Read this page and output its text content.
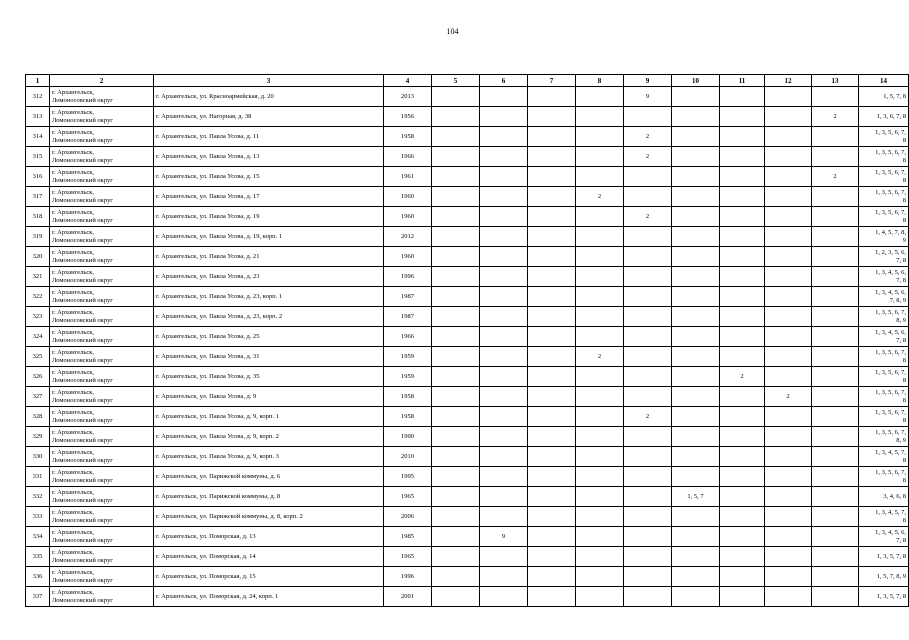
104
1	2	3	4	5	6	7	8	9	10	11	12	13	14
312	г. Архангельск,
Ломоносовский округ	г. Архангельск, ул. Красноармейская, д. 20	2013					9					1, 5, 7, 8

313	г. Архангельск,
Ломоносовский округ	г. Архангельск, ул. Нагорная, д. 38	1956									2	1, 3, 6, 7, 8

314	г. Архангельск,
Ломоносовский округ	г. Архангельск, ул. Павла Усова, д. 11	1958					2					1, 3, 5, 6, 7,
8
315	г. Архангельск,
Ломоносовский округ	г. Архангельск, ул. Павла Усова, д. 13	1966					2					1, 3, 5, 6, 7,
8
316	г. Архангельск,
Ломоносовский округ	г. Архангельск, ул. Павла Усова, д. 15	1961									2	1, 3, 5, 6, 7,
8
317	г. Архангельск,
Ломоносовский округ	г. Архангельск, ул. Павла Усова, д. 17	1960				2						1, 3, 5, 6, 7,
8
318	г. Архангельск,
Ломоносовский округ	г. Архангельск, ул. Павла Усова, д. 19	1960					2					1, 3, 5, 6, 7,
8
319	г. Архангельск,
Ломоносовский округ	г. Архангельск, ул. Павла Усова, д. 19, корп. 1	2012										1, 4, 5, 7, 8,
9
320	г. Архангельск,
Ломоносовский округ	г. Архангельск, ул. Павла Усова, д. 21	1960										1, 2, 3, 5, 6,
7, 8
321	г. Архангельск,
Ломоносовский округ	г. Архангельск, ул. Павла Усова, д. 23	1996										1, 3, 4, 5, 6,
7, 8
322	г. Архангельск,
Ломоносовский округ	г. Архангельск, ул. Павла Усова, д. 23, корп. 1	1987										1, 3, 4, 5, 6,
7, 8, 9
323	г. Архангельск,
Ломоносовский округ	г. Архангельск, ул. Павла Усова, д. 23, корп. 2	1987										1, 3, 5, 6, 7,
8, 9
324	г. Архангельск,
Ломоносовский округ	г. Архангельск, ул. Павла Усова, д. 25	1966										1, 3, 4, 5, 6,
7, 8
325	г. Архангельск,
Ломоносовский округ	г. Архангельск, ул. Павла Усова, д. 31	1959				2						1, 3, 5, 6, 7,
8
326	г. Архангельск,
Ломоносовский округ	г. Архангельск, ул. Павла Усова, д. 35	1959							2			1, 3, 5, 6, 7,
8
327	г. Архангельск,
Ломоносовский округ	г. Архангельск, ул. Павла Усова, д. 9	1958								2		1, 3, 5, 6, 7,
8
328	г. Архангельск,
Ломоносовский округ	г. Архангельск, ул. Павла Усова, д. 9, корп. 1	1958					2					1, 3, 5, 6, 7,
8
329	г. Архангельск,
Ломоносовский округ	г. Архангельск, ул. Павла Усова, д. 9, корп. 2	1990										1, 3, 5, 6, 7,
8, 9
330	г. Архангельск,
Ломоносовский округ	г. Архангельск, ул. Павла Усова, д. 9, корп. 3	2010										1, 3, 4, 5, 7,
8
331	г. Архангельск,
Ломоносовский округ	г. Архангельск, ул. Парижской коммуны, д. 6	1995										1, 3, 5, 6, 7,
8
332	г. Архангельск,
Ломоносовский округ	г. Архангельск, ул. Парижской коммуны, д. 8	1965						1, 5, 7				3, 4, 6, 8

333	г. Архангельск,
Ломоносовский округ	г. Архангельск, ул. Парижской коммуны, д. 8, корп. 2	2006										1, 3, 4, 5, 7,
8
334	г. Архангельск,
Ломоносовский округ	г. Архангельск, ул. Поморская, д. 13	1985		9								1, 3, 4, 5, 6,
7, 8
335	г. Архангельск,
Ломоносовский округ	г. Архангельск, ул. Поморская, д. 14	1965										1, 3, 5, 7, 8

336	г. Архангельск,
Ломоносовский округ	г. Архангельск, ул. Поморская, д. 15	1996										1, 5, 7, 8, 9

337	г. Архангельск,
Ломоносовский округ	г. Архангельск, ул. Поморская, д. 24, корп. 1	2001										1, 3, 5, 7, 8
